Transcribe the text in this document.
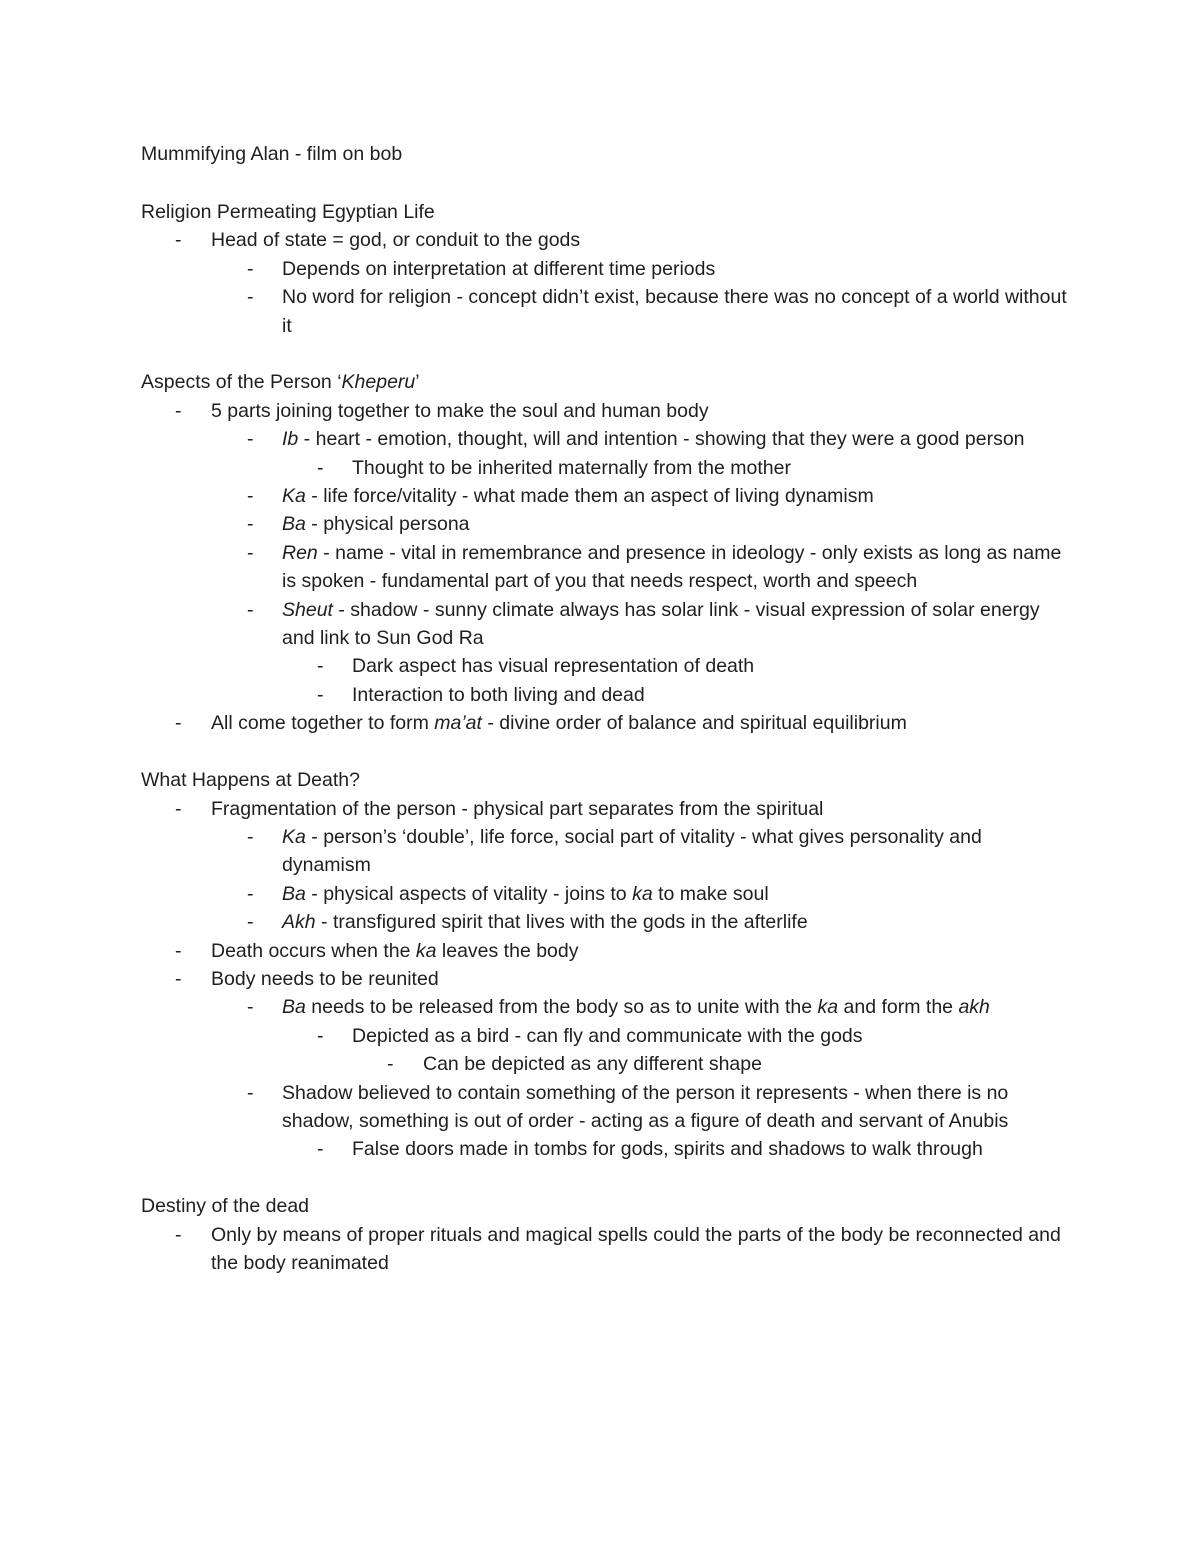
Mummifying Alan - film on bob
Religion Permeating Egyptian Life
- Head of state = god, or conduit to the gods
- Depends on interpretation at different time periods
- No word for religion - concept didn’t exist, because there was no concept of a world without it
Aspects of the Person ‘Kheperu’
- 5 parts joining together to make the soul and human body
- Ib - heart - emotion, thought, will and intention - showing that they were a good person
- Thought to be inherited maternally from the mother
- Ka - life force/vitality - what made them an aspect of living dynamism
- Ba - physical persona
- Ren - name - vital in remembrance and presence in ideology - only exists as long as name is spoken - fundamental part of you that needs respect, worth and speech
- Sheut - shadow - sunny climate always has solar link - visual expression of solar energy and link to Sun God Ra
- Dark aspect has visual representation of death
- Interaction to both living and dead
- All come together to form ma’at - divine order of balance and spiritual equilibrium
What Happens at Death?
- Fragmentation of the person - physical part separates from the spiritual
- Ka - person’s ‘double’, life force, social part of vitality - what gives personality and dynamism
- Ba - physical aspects of vitality - joins to ka to make soul
- Akh - transfigured spirit that lives with the gods in the afterlife
- Death occurs when the ka leaves the body
- Body needs to be reunited
- Ba needs to be released from the body so as to unite with the ka and form the akh
- Depicted as a bird - can fly and communicate with the gods
- Can be depicted as any different shape
- Shadow believed to contain something of the person it represents - when there is no shadow, something is out of order - acting as a figure of death and servant of Anubis
- False doors made in tombs for gods, spirits and shadows to walk through
Destiny of the dead
- Only by means of proper rituals and magical spells could the parts of the body be reconnected and the body reanimated
